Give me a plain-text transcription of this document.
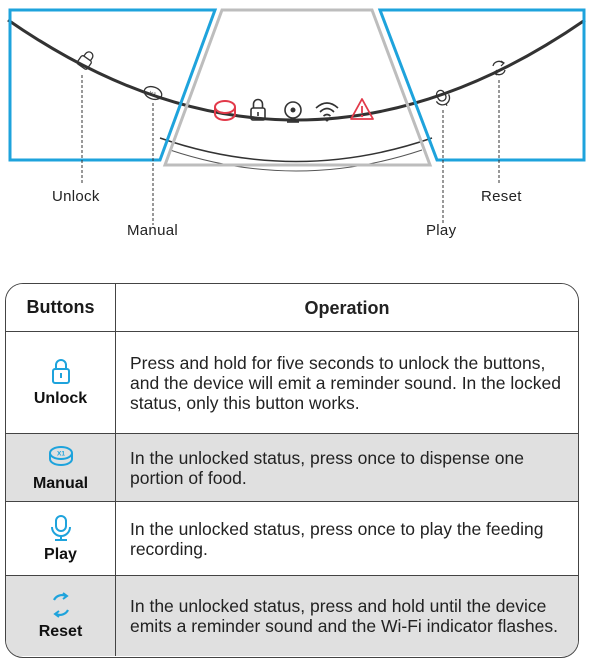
X1
Unlock
Manual	Play
Reset
Buttons	Operation
Unlock
Press and hold for five seconds to unlock the buttons, and the device will emit a reminder sound. In the locked status, only this button works.
X1
Manual
In the unlocked status, press once to dispense one portion of food.
Play
In the unlocked status, press once to play the feeding recording.
Reset
In the unlocked status, press and hold until the device emits a reminder sound and the Wi-Fi indicator flashes.
